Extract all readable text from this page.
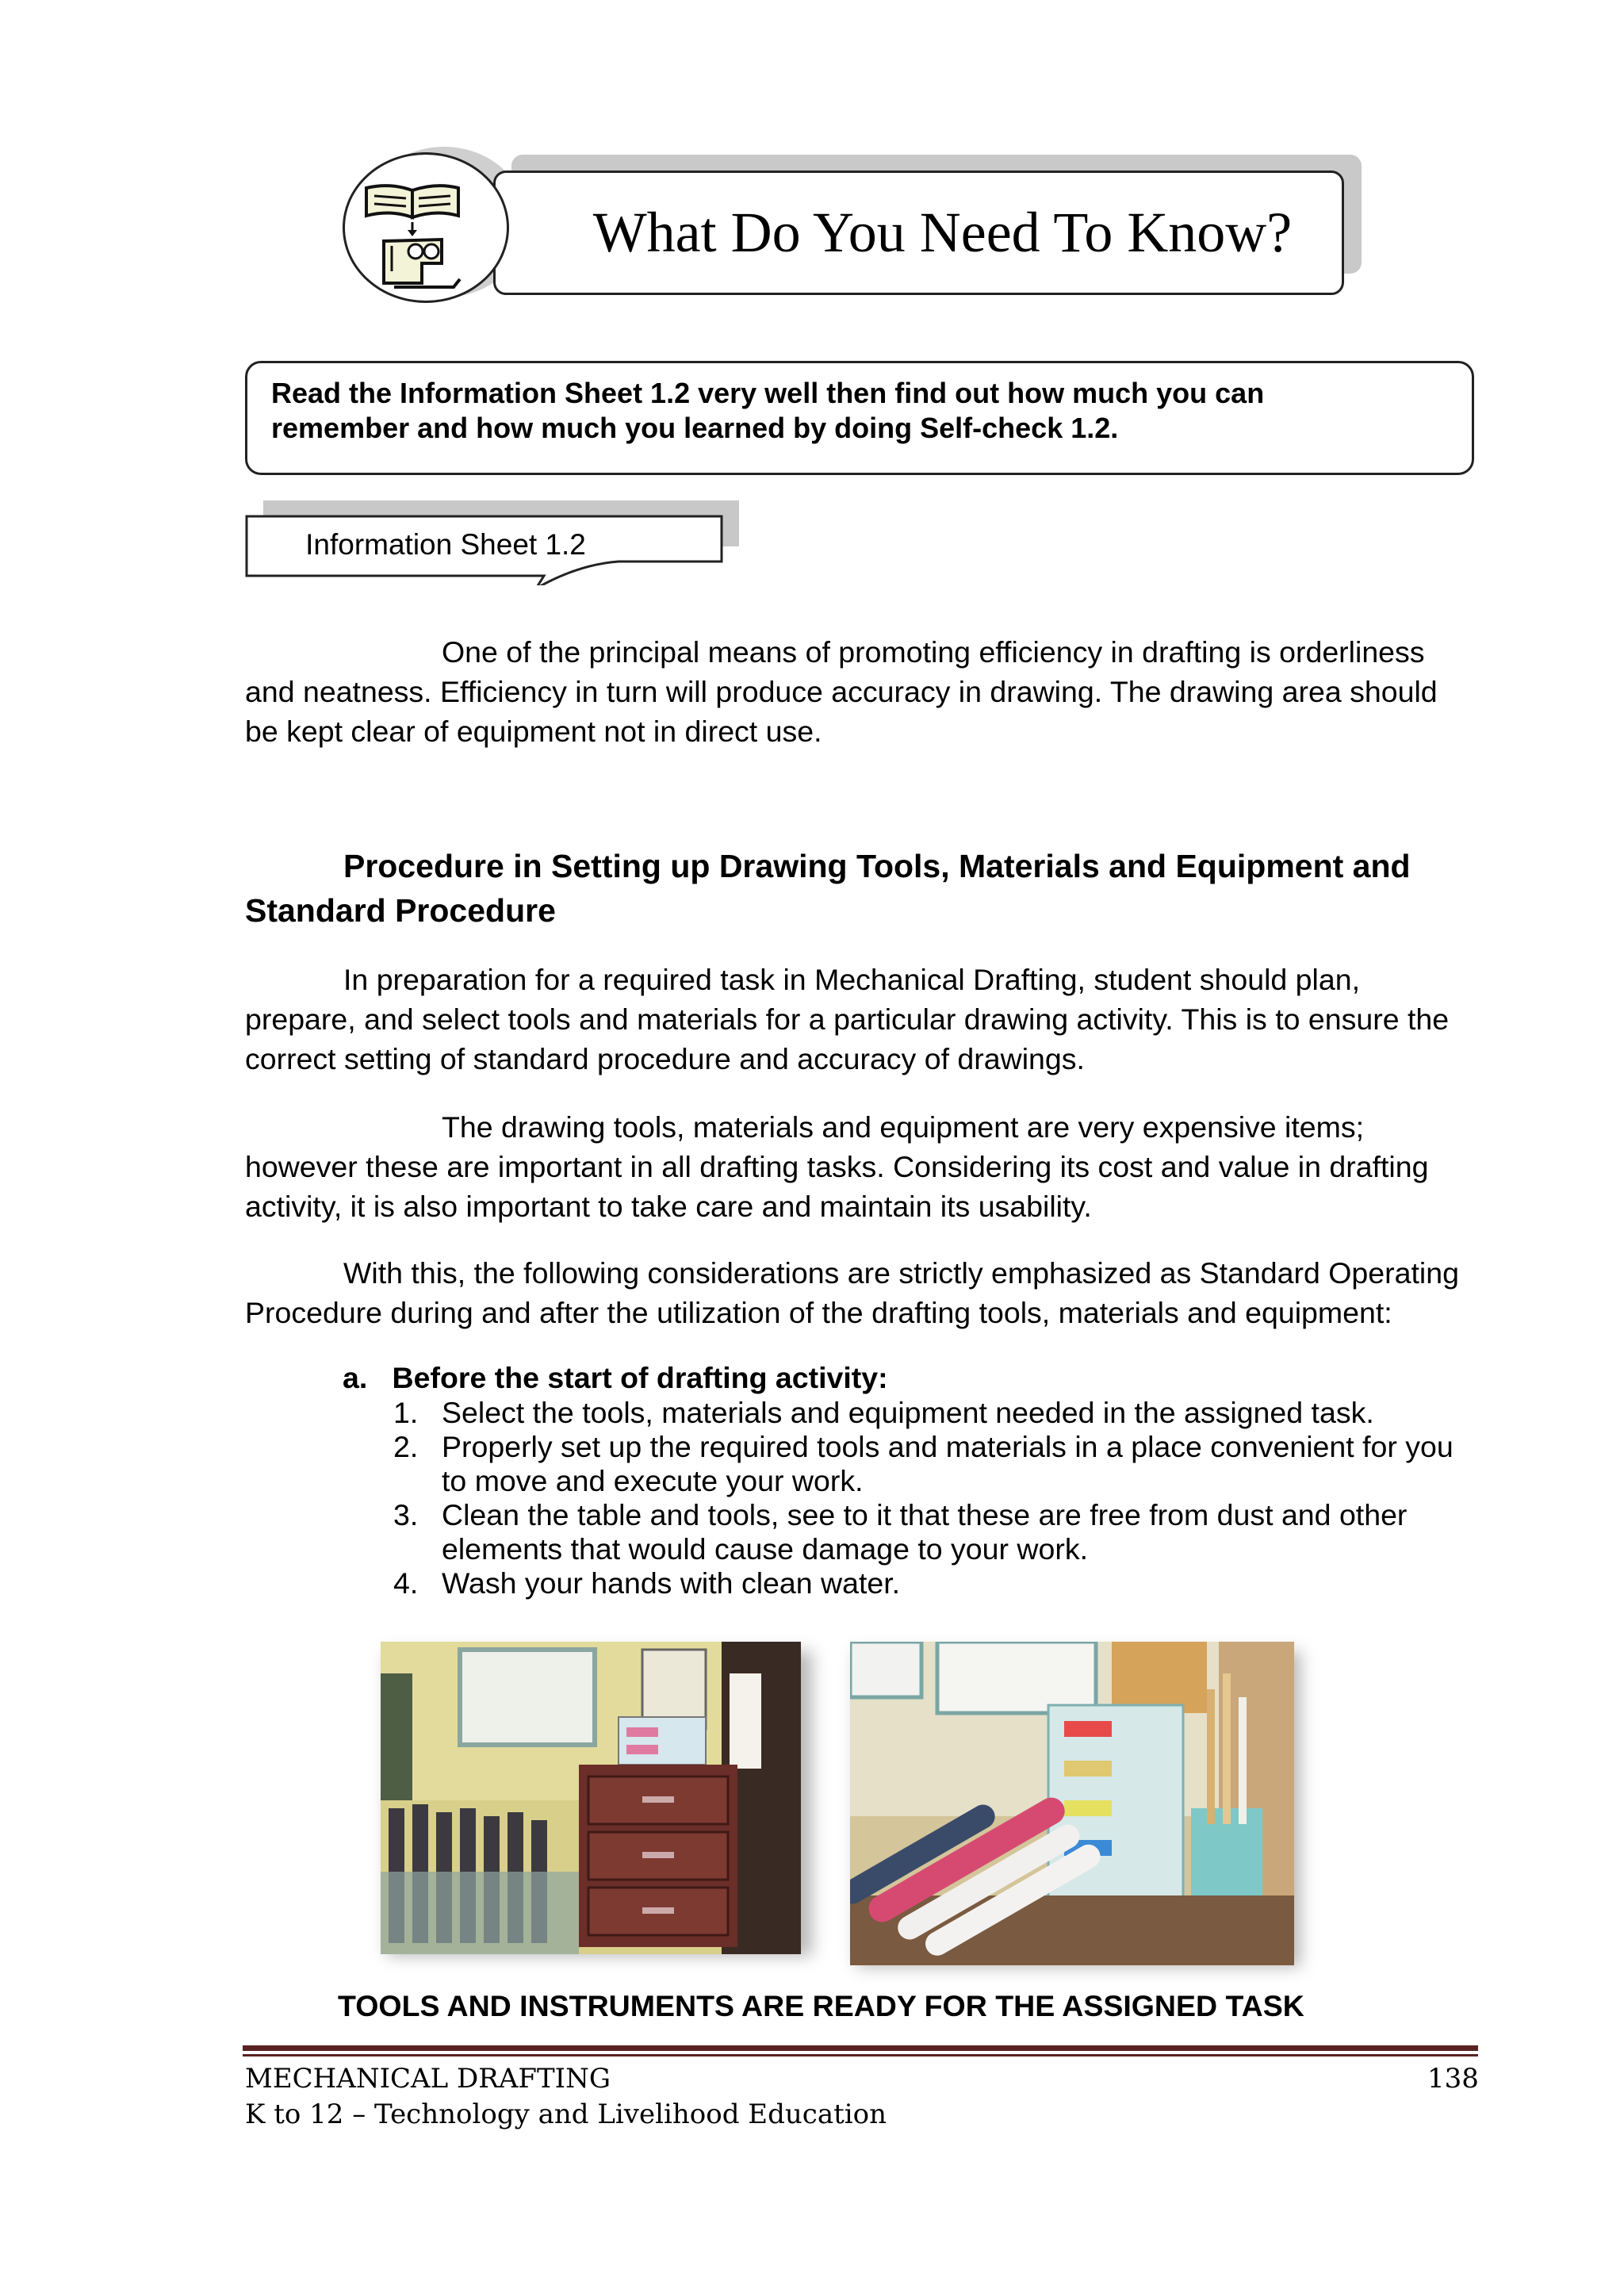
What Do You Need To Know?
Read the Information Sheet 1.2 very well then find out how much you can
remember and how much you learned by doing Self-check 1.2.
Information Sheet 1.2
One of the principal means of promoting efficiency in drafting is orderliness
and neatness. Efficiency in turn will produce accuracy in drawing. The drawing area should
be kept clear of equipment not in direct use.
Procedure in Setting up Drawing Tools, Materials and Equipment and
Standard Procedure
In preparation for a required task in Mechanical Drafting, student should plan,
prepare, and select tools and materials for a particular drawing activity. This is to ensure the
correct setting of standard procedure and accuracy of drawings.
The drawing tools, materials and equipment are very expensive items;
however these are important in all drafting tasks. Considering its cost and value in drafting
activity, it is also important to take care and maintain its usability.
With this, the following considerations are strictly emphasized as Standard Operating
Procedure during and after the utilization of the drafting tools, materials and equipment:
a.   Before the start of drafting activity:
1. Select the tools, materials and equipment needed in the assigned task.
2. Properly set up the required tools and materials in a place convenient for you
to move and execute your work.
3. Clean the table and tools, see to it that these are free from dust and other
elements that would cause damage to your work.
4. Wash your hands with clean water.
TOOLS AND INSTRUMENTS ARE READY FOR THE ASSIGNED TASK
MECHANICAL DRAFTING	138
K to 12 – Technology and Livelihood Education
